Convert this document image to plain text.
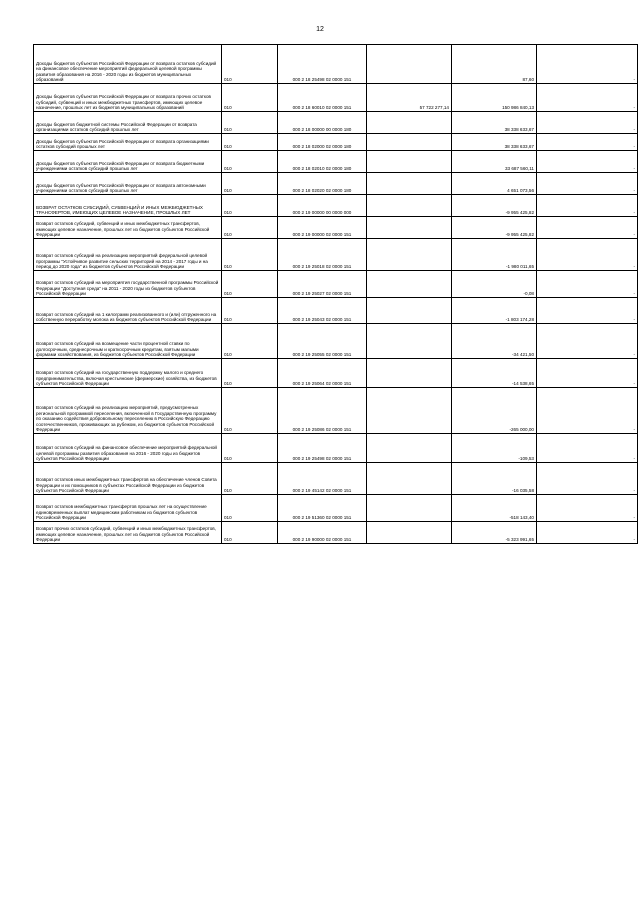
12
Доходы бюджетов субъектов Российской Федерации от возврата остатков субсидий на финансовое обеспечение мероприятий федеральной целевой программы развития образования на 2016 - 2020 годы из бюджетов муниципальных образований	010	000 2 18 25498 02 0000 151		87,60	-
Доходы бюджетов субъектов Российской Федерации от возврата прочих остатков субсидий, субвенций и иных межбюджетных трансфертов, имеющих целевое назначение, прошлых лет из бюджетов муниципальных образований	010	000 2 18 60010 02 0000 151	57 722 277,14	150 986 840,13	-
Доходы бюджетов бюджетной системы Российской Федерации от возврата организациями остатков субсидий прошлых лет	010	000 2 18 00000 00 0000 180		38 338 633,67	-
Доходы бюджетов субъектов Российской Федерации от возврата организациями остатков субсидий прошлых лет	010	000 2 18 02000 02 0000 180		38 338 633,67	-
Доходы бюджетов субъектов Российской Федерации от возврата бюджетными учреждениями остатков субсидий прошлых лет	010	000 2 18 02010 02 0000 180		33 687 560,11	-
Доходы бюджетов субъектов Российской Федерации от возврата автономными учреждениями остатков субсидий прошлых лет	010	000 2 18 02020 02 0000 180		4 651 073,56	-
ВОЗВРАТ ОСТАТКОВ СУБСИДИЙ, СУБВЕНЦИЙ И ИНЫХ МЕЖБЮДЖЕТНЫХ ТРАНСФЕРТОВ, ИМЕЮЩИХ ЦЕЛЕВОЕ НАЗНАЧЕНИЕ, ПРОШЛЫХ ЛЕТ	010	000 2 19 00000 00 0000 000		-9 955 425,82	-
Возврат остатков субсидий, субвенций и иных межбюджетных трансфертов, имеющих целевое назначение, прошлых лет из бюджетов субъектов Российской Федерации	010	000 2 19 00000 02 0000 151		-9 955 425,82	-
Возврат остатков субсидий на реализацию мероприятий федеральной целевой программы "Устойчивое развитие сельских территорий на 2014 - 2017 годы и на период до 2020 года" из бюджетов субъектов Российской Федерации	010	000 2 19 25018 02 0000 151		-1 980 011,65	-
Возврат остатков субсидий на мероприятия государственной программы Российской Федерации "Доступная среда" на 2011 - 2020 годы из бюджетов субъектов Российской Федерации	010	000 2 19 25027 02 0000 151		-0,08	-
Возврат остатков субсидий на 1 килограмм реализованного и (или) отгруженного на собственную переработку молока из бюджетов субъектов Российской Федерации	010	000 2 19 25043 02 0000 151		-1 803 174,28	-
Возврат остатков субсидий на возмещение части процентной ставки по долгосрочным, среднесрочным и краткосрочным кредитам, взятым малыми формами хозяйствования, из бюджетов субъектов Российской Федерации	010	000 2 19 25055 02 0000 151		-34 421,50	-
Возврат остатков субсидий на государственную поддержку малого и среднего предпринимательства, включая крестьянские (фермерские) хозяйства, из бюджетов субъектов Российской Федерации	010	000 2 19 25064 02 0000 151		-14 538,65	-
Возврат остатков субсидий на реализацию мероприятий, предусмотренных региональной программой переселения, включенной в Государственную программу по оказанию содействия добровольному переселению в Российскую Федерацию соотечественников, проживающих за рубежом, из бюджетов субъектов Российской Федерации	010	000 2 19 25086 02 0000 151		-265 000,00	-
Возврат остатков субсидий на финансовое обеспечение мероприятий федеральной целевой программы развития образования на 2016 - 2020 годы из бюджетов субъектов Российской Федерации	010	000 2 19 25498 02 0000 151		-109,53	-
Возврат остатков иных межбюджетных трансфертов на обеспечение членов Совета Федерации и их помощников в субъектах Российской Федерации из бюджетов субъектов Российской Федерации	010	000 2 19 45142 02 0000 151		-16 035,58	-
Возврат остатков межбюджетных трансфертов прошлых лет на осуществление единовременных выплат медицинским работникам из бюджетов субъектов Российской Федерации	010	000 2 19 51360 02 0000 151		-518 143,40	-
Возврат прочих остатков субсидий, субвенций и иных межбюджетных трансфертов, имеющих целевое назначение, прошлых лет из бюджетов субъектов Российской Федерации	010	000 2 19 90000 02 0000 151		-5 323 991,65	-
